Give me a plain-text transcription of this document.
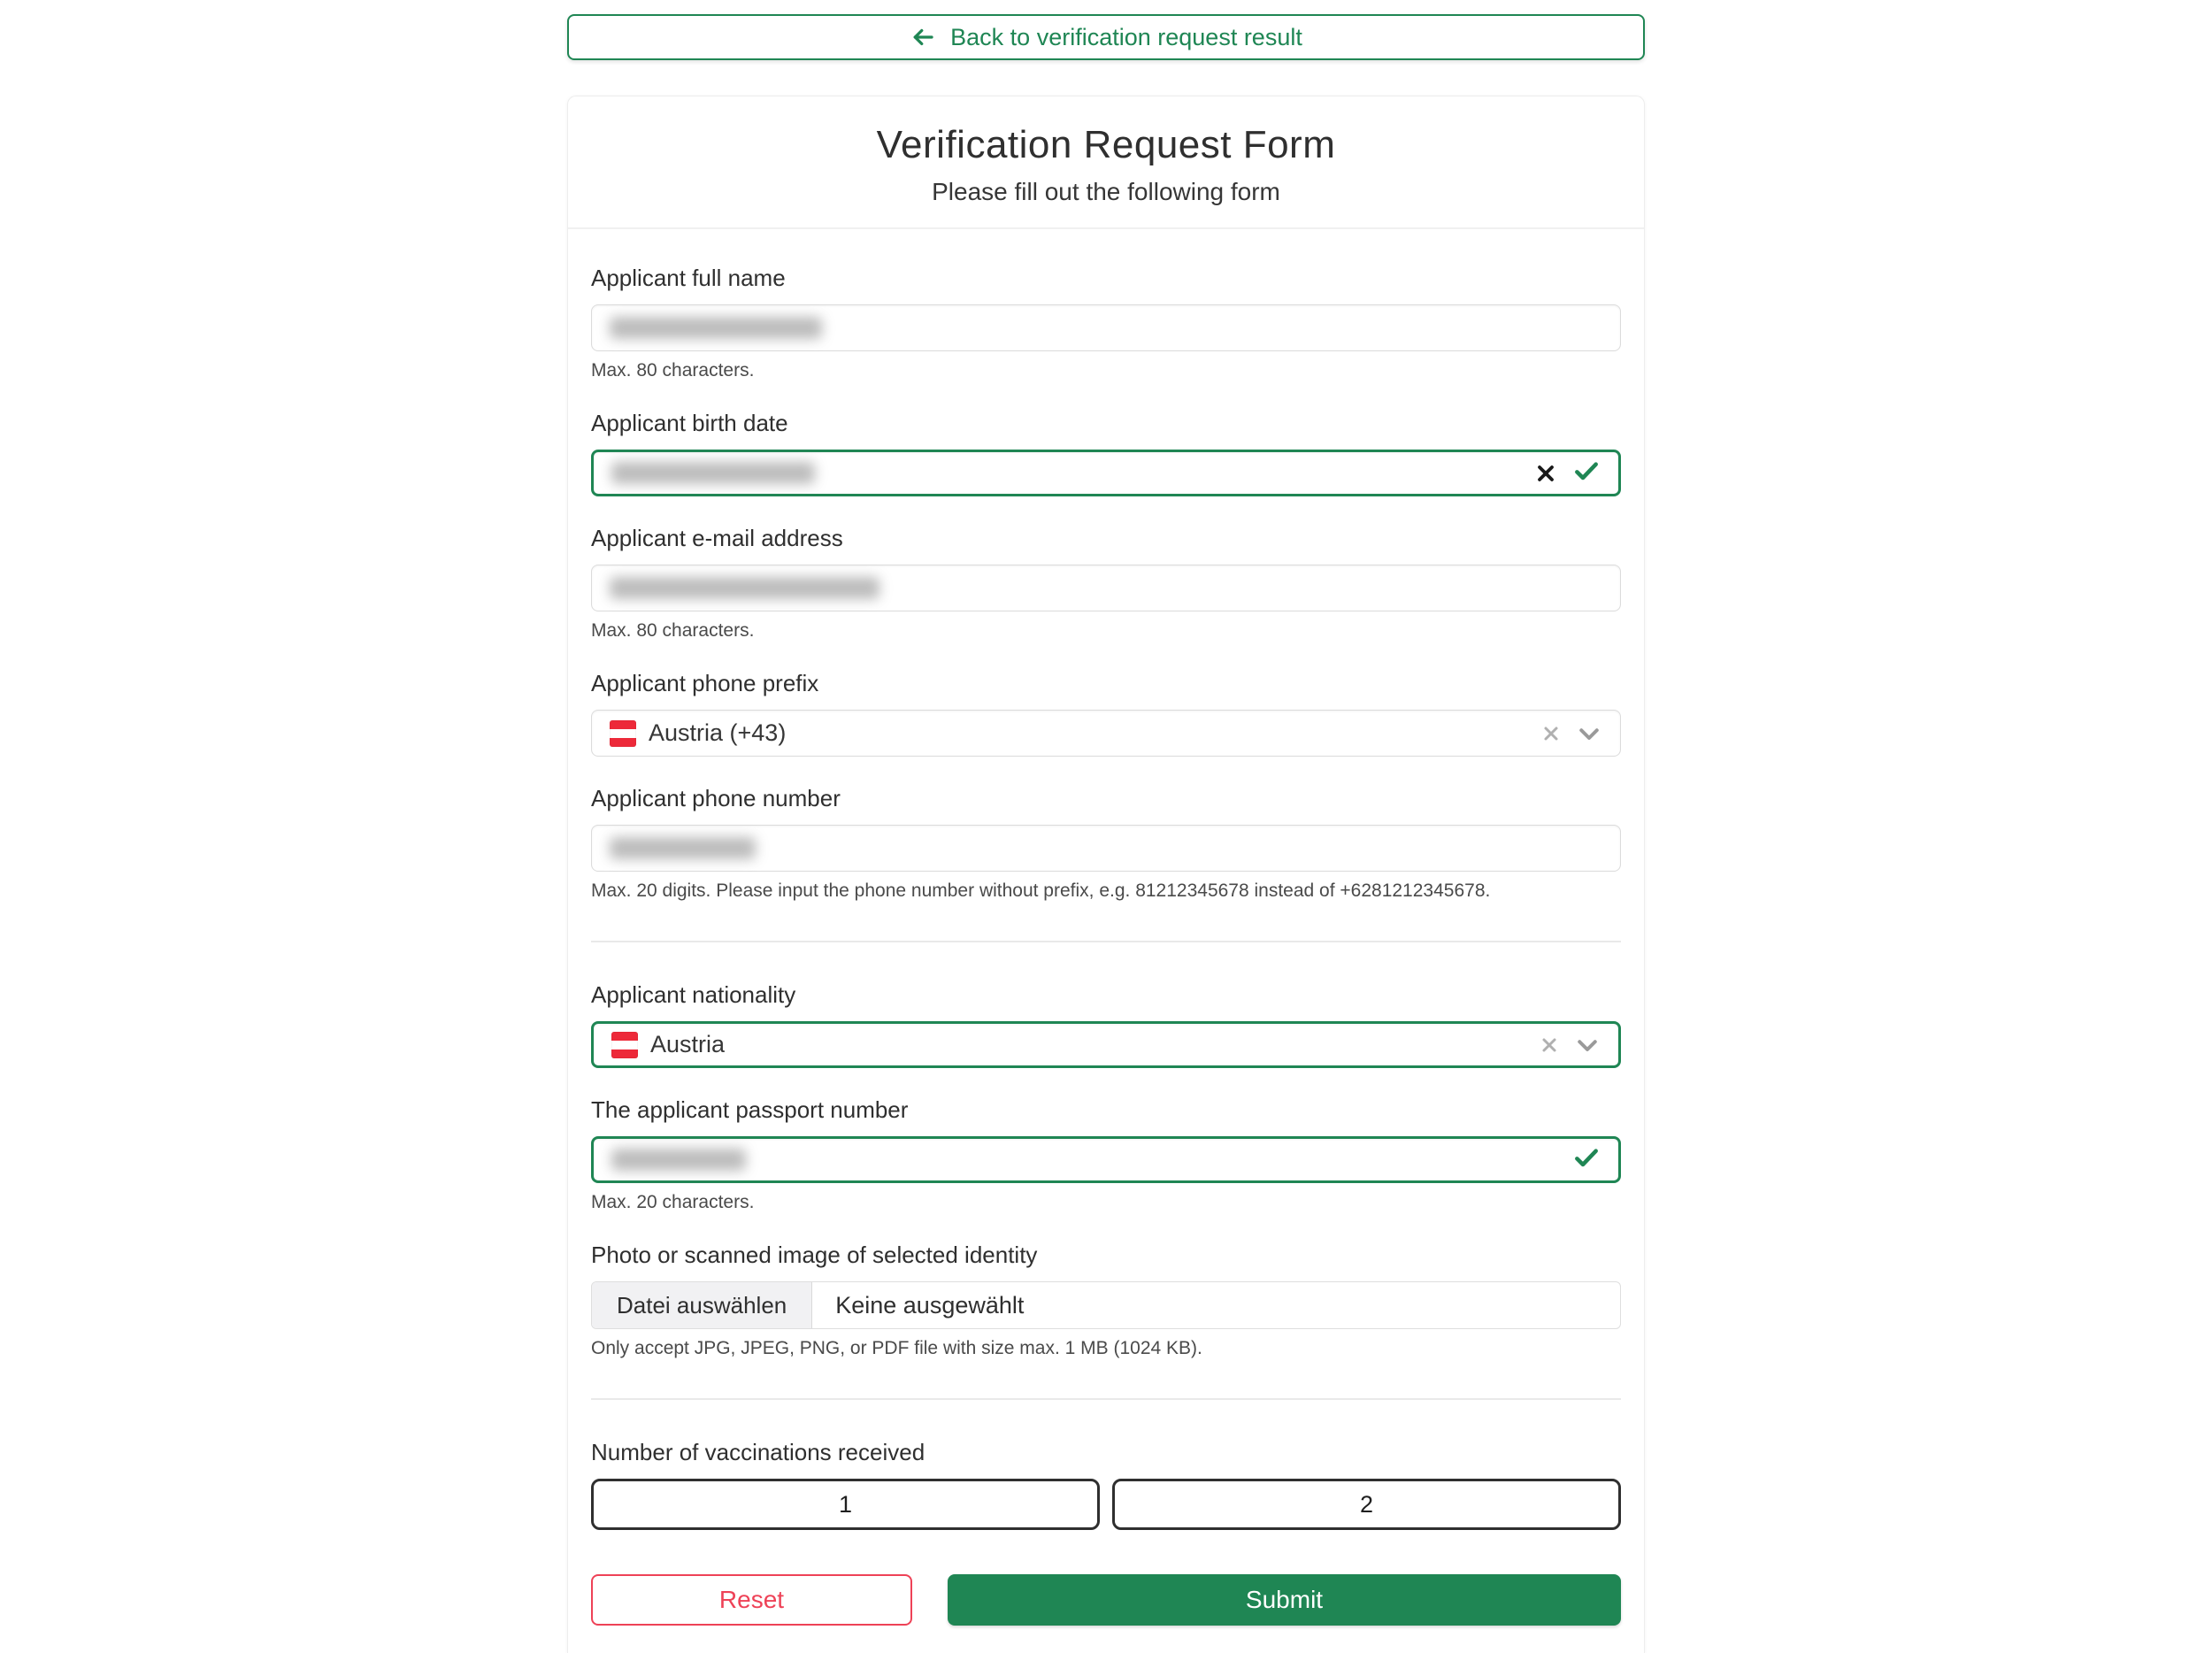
Back to verification request result
Verification Request Form

Please fill out the following form

Applicant full name
Max. 80 characters.
Applicant birth date
Applicant e-mail address
Max. 80 characters.
Applicant phone prefix
Austria (+43)
Applicant phone number
Max. 20 digits. Please input the phone number without prefix, e.g. 81212345678 instead of +6281212345678.
Applicant nationality
Austria
The applicant passport number
Max. 20 characters.
Photo or scanned image of selected identity
Datei auswählen	Keine ausgewählt
Only accept JPG, JPEG, PNG, or PDF file with size max. 1 MB (1024 KB).
Number of vaccinations received
1	2
Reset	Submit
